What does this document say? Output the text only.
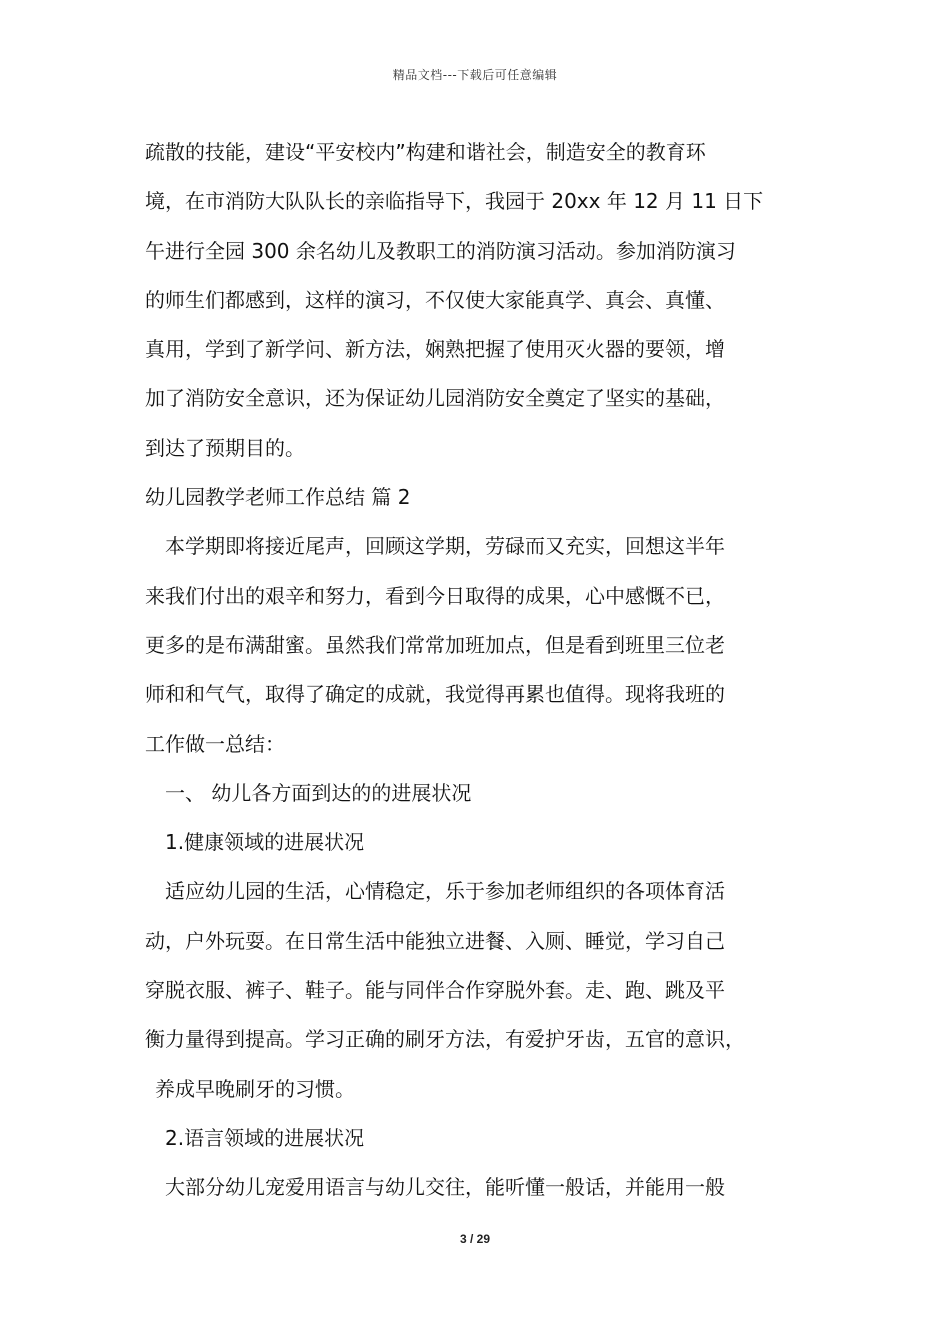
精品文档---下载后可任意编辑
疏散的技能，建设“平安校内”构建和谐社会，制造安全的教育环
境，在市消防大队队长的亲临指导下，我园于 20xx 年 12 月 11 日下
午进行全园 300 余名幼儿及教职工的消防演习活动。参加消防演习
的师生们都感到，这样的演习，不仅使大家能真学、真会、真懂、
真用，学到了新学问、新方法，娴熟把握了使用灭火器的要领，增
加了消防安全意识，还为保证幼儿园消防安全奠定了坚实的基础，
到达了预期目的。
幼儿园教学老师工作总结 篇 2
本学期即将接近尾声，回顾这学期，劳碌而又充实，回想这半年
来我们付出的艰辛和努力，看到今日取得的成果，心中感慨不已，
更多的是布满甜蜜。虽然我们常常加班加点，但是看到班里三位老
师和和气气，取得了确定的成就，我觉得再累也值得。现将我班的
工作做一总结：
一、 幼儿各方面到达的的进展状况
1.健康领域的进展状况
适应幼儿园的生活，心情稳定，乐于参加老师组织的各项体育活
动，户外玩耍。在日常生活中能独立进餐、入厕、睡觉，学习自己
穿脱衣服、裤子、鞋子。能与同伴合作穿脱外套。走、跑、跳及平
衡力量得到提高。学习正确的刷牙方法，有爱护牙齿，五官的意识，
养成早晚刷牙的习惯。
2.语言领域的进展状况
大部分幼儿宠爱用语言与幼儿交往，能听懂一般话，并能用一般
3 / 29
